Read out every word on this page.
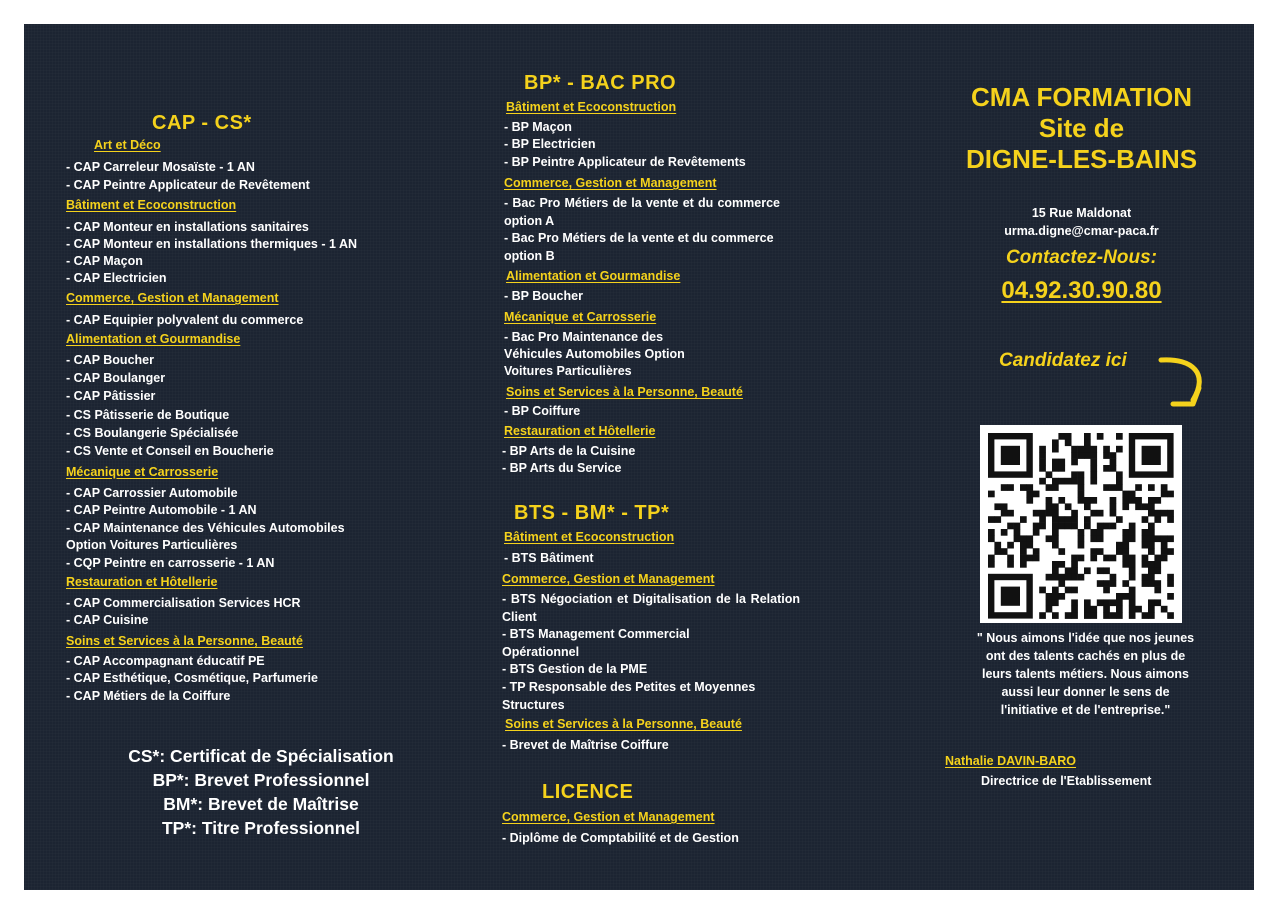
CAP - CS*
Art et Déco
- CAP Carreleur Mosaïste - 1 AN
- CAP Peintre Applicateur de Revêtement
Bâtiment et Ecoconstruction
- CAP Monteur en installations sanitaires
- CAP Monteur en installations thermiques - 1 AN
- CAP Maçon
- CAP Electricien
Commerce, Gestion et Management
- CAP Equipier polyvalent du commerce
Alimentation et Gourmandise
- CAP Boucher
- CAP Boulanger
- CAP Pâtissier
- CS Pâtisserie de Boutique
- CS Boulangerie Spécialisée
- CS Vente et Conseil en Boucherie
Mécanique et Carrosserie
- CAP Carrossier Automobile
- CAP Peintre Automobile - 1 AN
- CAP Maintenance des Véhicules Automobiles
Option Voitures Particulières
- CQP Peintre en carrosserie - 1 AN
Restauration et Hôtellerie
- CAP Commercialisation Services HCR
- CAP Cuisine
Soins et Services à la Personne, Beauté
- CAP Accompagnant éducatif PE
- CAP Esthétique, Cosmétique, Parfumerie
- CAP Métiers de la Coiffure
CS*: Certificat de Spécialisation
BP*: Brevet Professionnel
BM*: Brevet de Maîtrise
TP*: Titre Professionnel
BP* - BAC PRO
Bâtiment et Ecoconstruction
- BP Maçon
- BP Electricien
- BP Peintre Applicateur de Revêtements
Commerce, Gestion et Management
- Bac Pro Métiers de la vente et du commerce option A
- Bac Pro Métiers de la vente et du commerce option B
Alimentation et Gourmandise
- BP Boucher
Mécanique et Carrosserie
- Bac Pro Maintenance des
Véhicules Automobiles Option
Voitures Particulières
Soins et Services à la Personne, Beauté
- BP Coiffure
Restauration et Hôtellerie
- BP Arts de la Cuisine
- BP Arts du Service
BTS - BM* - TP*
Bâtiment et Ecoconstruction
- BTS Bâtiment
Commerce, Gestion et Management
- BTS Négociation et Digitalisation de la Relation Client
- BTS Management Commercial Opérationnel
- BTS Gestion de la PME
- TP Responsable des Petites et Moyennes Structures
Soins et Services à la Personne, Beauté
- Brevet de Maîtrise Coiffure
LICENCE
Commerce, Gestion et Management
- Diplôme de Comptabilité et de Gestion
CMA FORMATION
Site de
DIGNE-LES-BAINS
15 Rue Maldonat
urma.digne@cmar-paca.fr
Contactez-Nous:
04.92.30.90.80
Candidatez ici
" Nous aimons l'idée que nos jeunes
ont des talents cachés en plus de
leurs talents métiers. Nous aimons
aussi leur donner le sens de
l'initiative et de l'entreprise."
Nathalie DAVIN-BARO
Directrice de l'Etablissement
